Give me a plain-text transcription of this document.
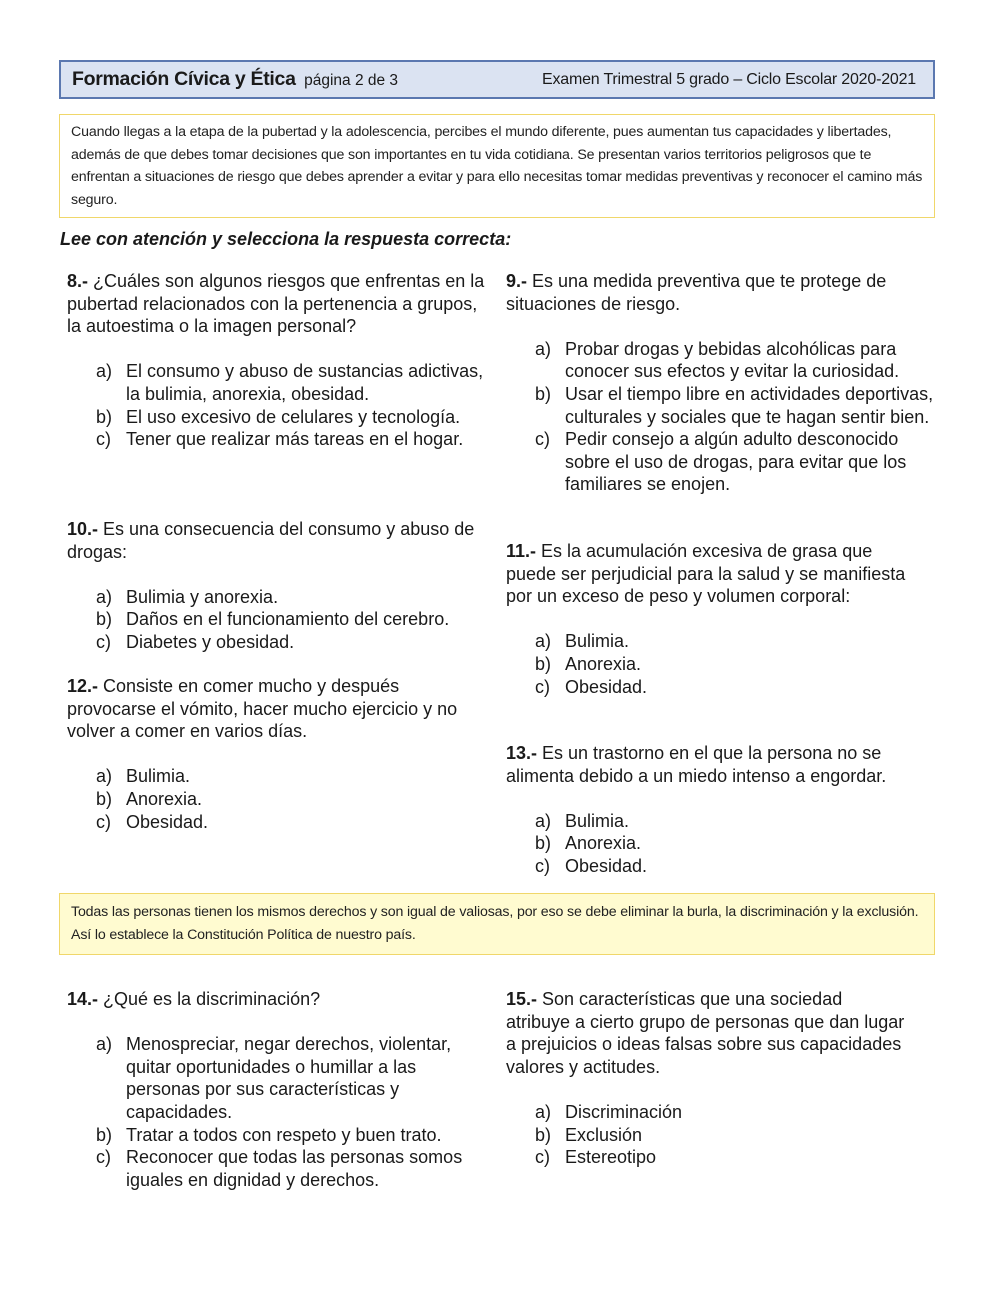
Formación Cívica y Ética página 2 de 3	Examen Trimestral 5 grado – Ciclo Escolar 2020-2021
Cuando llegas a la etapa de la pubertad y la adolescencia, percibes el mundo diferente, pues aumentan tus capacidades y libertades, además de que debes tomar decisiones que son importantes en tu vida cotidiana. Se presentan varios territorios peligrosos que te enfrentan a situaciones de riesgo que debes aprender a evitar y para ello necesitas tomar medidas preventivas y reconocer el camino más seguro.
Lee con atención y selecciona la respuesta correcta:
8.- ¿Cuáles son algunos riesgos que enfrentas en la pubertad relacionados con la pertenencia a grupos, la autoestima o la imagen personal?
a) El consumo y abuso de sustancias adictivas, la bulimia, anorexia, obesidad.
b) El uso excesivo de celulares y tecnología.
c) Tener que realizar más tareas en el hogar.
9.- Es una medida preventiva que te protege de situaciones de riesgo.
a) Probar drogas y bebidas alcohólicas para conocer sus efectos y evitar la curiosidad.
b) Usar el tiempo libre en actividades deportivas, culturales y sociales que te hagan sentir bien.
c) Pedir consejo a algún adulto desconocido sobre el uso de drogas, para evitar que los familiares se enojen.
10.- Es una consecuencia del consumo y abuso de drogas:
a) Bulimia y anorexia.
b) Daños en el funcionamiento del cerebro.
c) Diabetes y obesidad.
11.- Es la acumulación excesiva de grasa que puede ser perjudicial para la salud y se manifiesta por un exceso de peso y volumen corporal:
a) Bulimia.
b) Anorexia.
c) Obesidad.
12.- Consiste en comer mucho y después provocarse el vómito, hacer mucho ejercicio y no volver a comer en varios días.
a) Bulimia.
b) Anorexia.
c) Obesidad.
13.- Es un trastorno en el que la persona no se alimenta debido a un miedo intenso a engordar.
a) Bulimia.
b) Anorexia.
c) Obesidad.
Todas las personas tienen los mismos derechos y son igual de valiosas, por eso se debe eliminar la burla, la discriminación y la exclusión. Así lo establece la Constitución Política de nuestro país.
14.- ¿Qué es la discriminación?
a) Menospreciar, negar derechos, violentar, quitar oportunidades o humillar a las personas por sus características y capacidades.
b) Tratar a todos con respeto y buen trato.
c) Reconocer que todas las personas somos iguales en dignidad y derechos.
15.- Son características que una sociedad atribuye a cierto grupo de personas que dan lugar a prejuicios o ideas falsas sobre sus capacidades valores y actitudes.
a) Discriminación
b) Exclusión
c) Estereotipo
